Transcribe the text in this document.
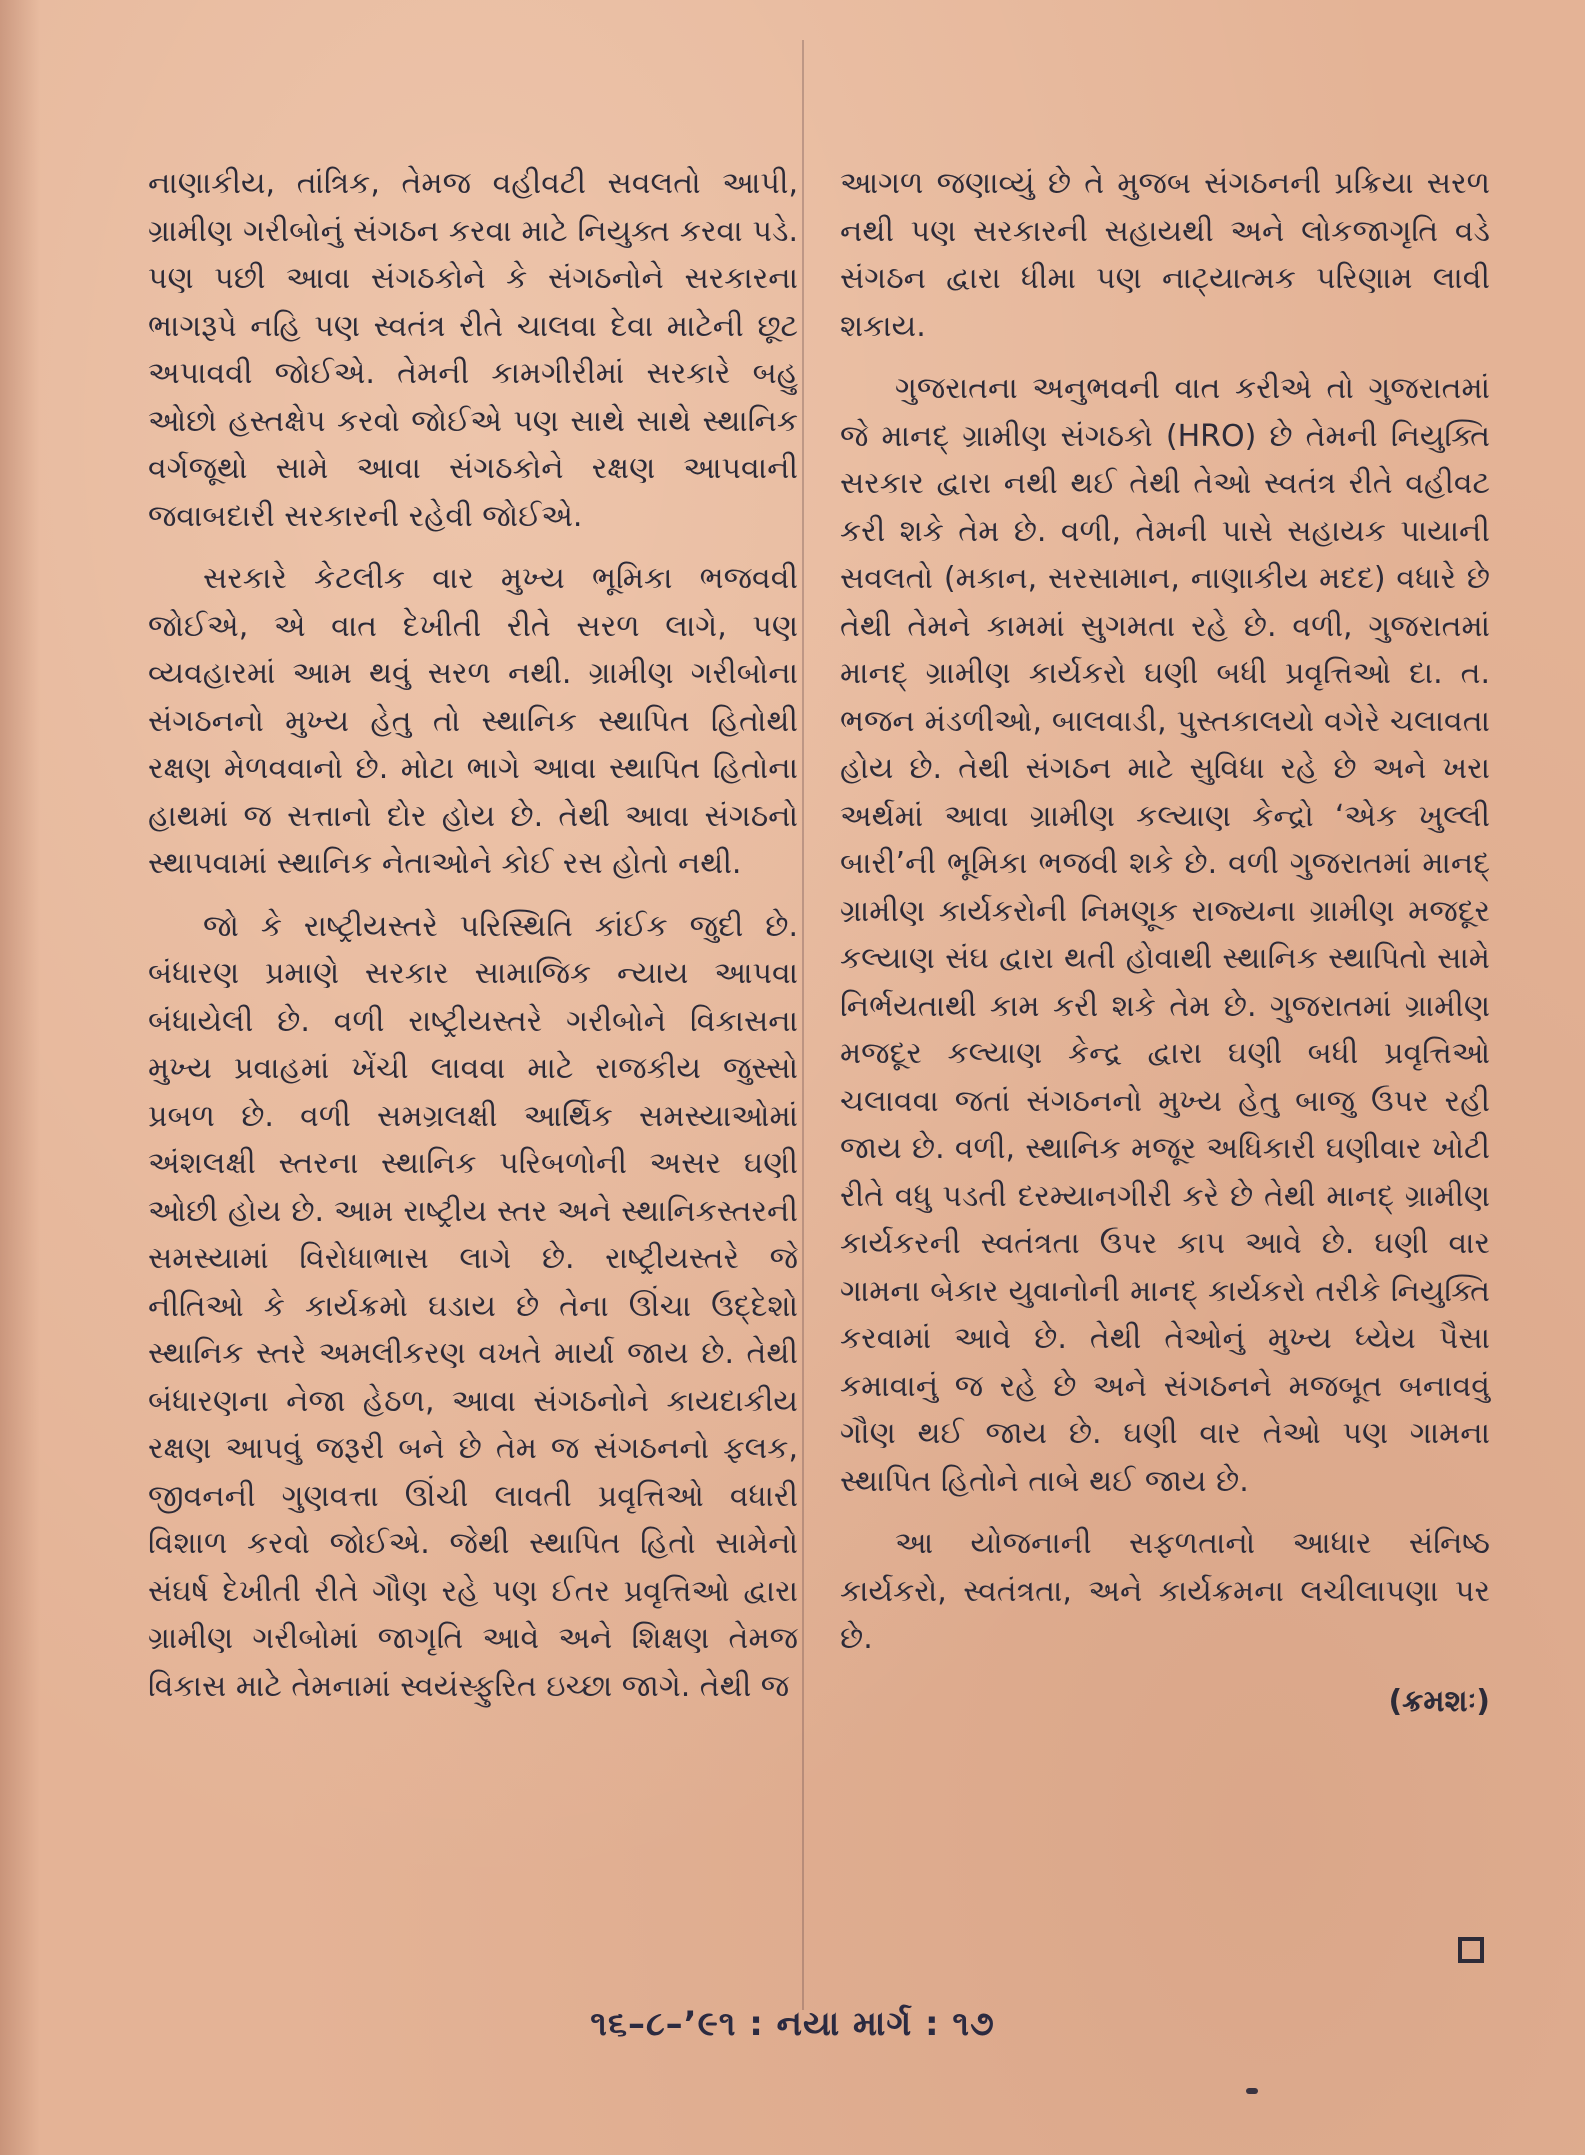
નાણાકીય, તાંત્રિક, તેમજ વહીવટી સવલતો આપી, ગ્રામીણ ગરીબોનું સંગઠન કરવા માટે નિયુક્ત કરવા પડે. પણ પછી આવા સંગઠકોને કે સંગઠનોને સરકારના ભાગરૂપે નહિ પણ સ્વતંત્ર રીતે ચાલવા દેવા માટેની છૂટ અપાવવી જોઈએ. તેમની કામગીરીમાં સરકારે બહુ ઓછો હસ્તક્ષેપ કરવો જોઈએ પણ સાથે સાથે સ્થાનિક વર્ગજૂથો સામે આવા સંગઠકોને રક્ષણ આપવાની જવાબદારી સરકારની રહેવી જોઈએ.

સરકારે કેટલીક વાર મુખ્ય ભૂમિકા ભજવવી જોઈએ, એ વાત દેખીતી રીતે સરળ લાગે, પણ વ્યવહારમાં આમ થવું સરળ નથી. ગ્રામીણ ગરીબોના સંગઠનનો મુખ્ય હેતુ તો સ્થાનિક સ્થાપિત હિતોથી રક્ષણ મેળવવાનો છે. મોટા ભાગે આવા સ્થાપિત હિતોના હાથમાં જ સત્તાનો દોર હોય છે. તેથી આવા સંગઠનો સ્થાપવામાં સ્થાનિક નેતાઓને કોઈ રસ હોતો નથી.

જો કે રાષ્ટ્રીયસ્તરે પરિસ્થિતિ કાંઈક જુદી છે. બંધારણ પ્રમાણે સરકાર સામાજિક ન્યાય આપવા બંધાયેલી છે. વળી રાષ્ટ્રીયસ્તરે ગરીબોને વિકાસના મુખ્ય પ્રવાહમાં ખેંચી લાવવા માટે રાજકીય જુસ્સો પ્રબળ છે. વળી સમગ્રલક્ષી આર્થિક સમસ્યાઓમાં અંશલક્ષી સ્તરના સ્થાનિક પરિબળોની અસર ઘણી ઓછી હોય છે. આમ રાષ્ટ્રીય સ્તર અને સ્થાનિકસ્તરની સમસ્યામાં વિરોધાભાસ લાગે છે. રાષ્ટ્રીયસ્તરે જે નીતિઓ કે કાર્યક્રમો ઘડાય છે તેના ઊંચા ઉદ્દેશો સ્થાનિક સ્તરે અમલીકરણ વખતે માર્યા જાય છે. તેથી બંધારણના નેજા હેઠળ, આવા સંગઠનોને કાયદાકીય રક્ષણ આપવું જરૂરી બને છે તેમ જ સંગઠનનો ફલક, જીવનની ગુણવત્તા ઊંચી લાવતી પ્રવૃત્તિઓ વધારી વિશાળ કરવો જોઈએ. જેથી સ્થાપિત હિતો સામેનો સંઘર્ષ દેખીતી રીતે ગૌણ રહે પણ ઈતર પ્રવૃત્તિઓ દ્વારા ગ્રામીણ ગરીબોમાં જાગૃતિ આવે અને શિક્ષણ તેમજ વિકાસ માટે તેમનામાં સ્વયંસ્ફુરિત ઇચ્છા જાગે. તેથી જ

આગળ જણાવ્યું છે તે મુજબ સંગઠનની પ્રક્રિયા સરળ નથી પણ સરકારની સહાયથી અને લોકજાગૃતિ વડે સંગઠન દ્વારા ધીમા પણ નાટ્યાત્મક પરિણામ લાવી શકાય.

ગુજરાતના અનુભવની વાત કરીએ તો ગુજરાતમાં જે માનદ્ ગ્રામીણ સંગઠકો (HRO) છે તેમની નિયુક્તિ સરકાર દ્વારા નથી થઈ તેથી તેઓ સ્વતંત્ર રીતે વહીવટ કરી શકે તેમ છે. વળી, તેમની પાસે સહાયક પાયાની સવલતો (મકાન, સરસામાન, નાણાકીય મદદ) વધારે છે તેથી તેમને કામમાં સુગમતા રહે છે. વળી, ગુજરાતમાં માનદ્ ગ્રામીણ કાર્યકરો ઘણી બધી પ્રવૃત્તિઓ દા. ત. ભજન મંડળીઓ, બાલવાડી, પુસ્તકાલયો વગેરે ચલાવતા હોય છે. તેથી સંગઠન માટે સુવિધા રહે છે અને ખરા અર્થમાં આવા ગ્રામીણ કલ્યાણ કેન્દ્રો ‘એક ખુલ્લી બારી’ની ભૂમિકા ભજવી શકે છે. વળી ગુજરાતમાં માનદ્ ગ્રામીણ કાર્યકરોની નિમણૂક રાજ્યના ગ્રામીણ મજદૂર કલ્યાણ સંઘ દ્વારા થતી હોવાથી સ્થાનિક સ્થાપિતો સામે નિર્ભયતાથી કામ કરી શકે તેમ છે. ગુજરાતમાં ગ્રામીણ મજદૂર કલ્યાણ કેન્દ્ર દ્વારા ઘણી બધી પ્રવૃત્તિઓ ચલાવવા જતાં સંગઠનનો મુખ્ય હેતુ બાજુ ઉપર રહી જાય છે. વળી, સ્થાનિક મજૂર અધિકારી ઘણીવાર ખોટી રીતે વધુ પડતી દરમ્યાનગીરી કરે છે તેથી માનદ્ ગ્રામીણ કાર્યકરની સ્વતંત્રતા ઉપર કાપ આવે છે. ઘણી વાર ગામના બેકાર યુવાનોની માનદ્ કાર્યકરો તરીકે નિયુક્તિ કરવામાં આવે છે. તેથી તેઓનું મુખ્ય ધ્યેય પૈસા કમાવાનું જ રહે છે અને સંગઠનને મજબૂત બનાવવું ગૌણ થઈ જાય છે. ઘણી વાર તેઓ પણ ગામના સ્થાપિત હિતોને તાબે થઈ જાય છે.

આ યોજનાની સફળતાનો આધાર સંનિષ્ઠ કાર્યકરો, સ્વતંત્રતા, અને કાર્યક્રમના લચીલાપણા પર છે.

(ક્રમશઃ)

૧૬–૮–’૯૧ : નયા માર્ગ : ૧૭
